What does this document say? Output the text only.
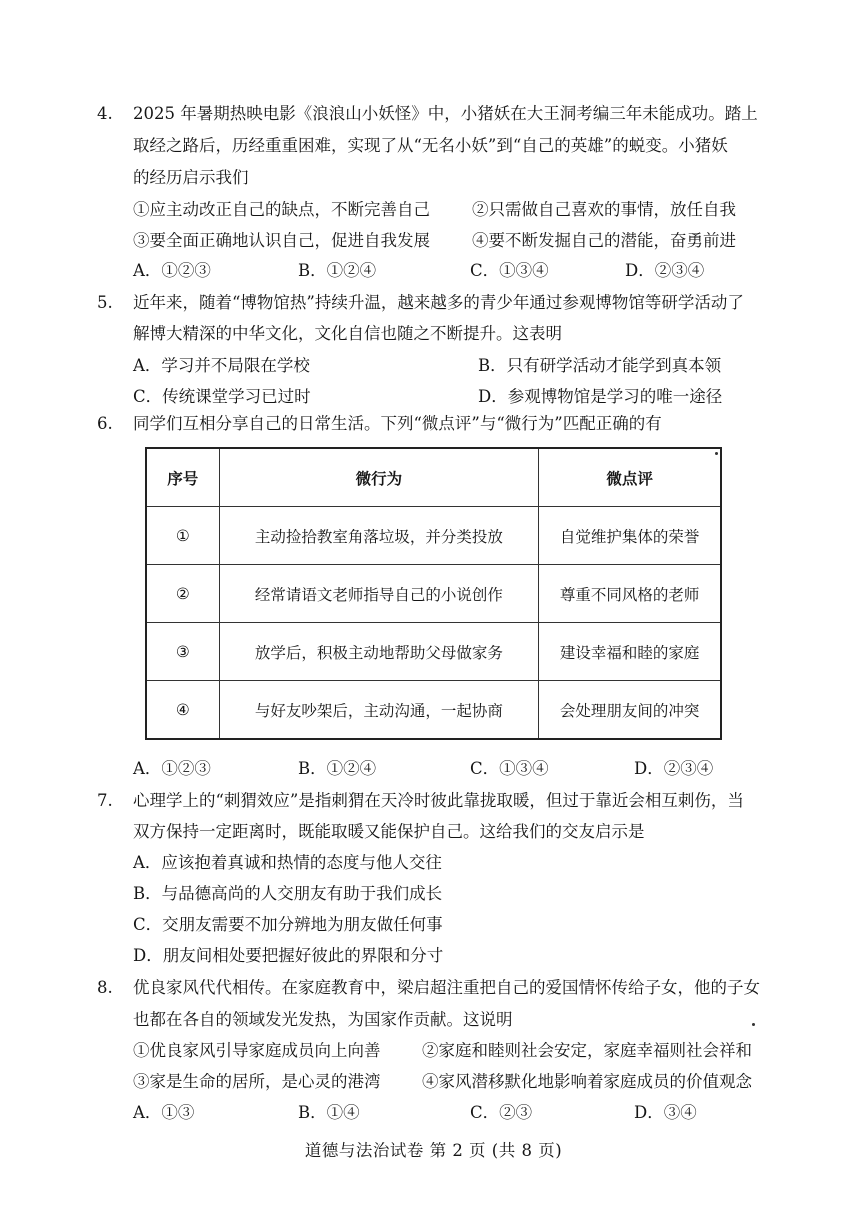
4. 2025 年暑期热映电影《浪浪山小妖怪》中，小猪妖在大王洞考编三年未能成功。踏上
取经之路后，历经重重困难，实现了从“无名小妖”到“自己的英雄”的蜕变。小猪妖
的经历启示我们
①应主动改正自己的缺点，不断完善自己	②只需做自己喜欢的事情，放任自我
③要全面正确地认识自己，促进自我发展	④要不断发掘自己的潜能，奋勇前进
A．①②③	B．①②④	C．①③④	D．②③④
5. 近年来，随着“博物馆热”持续升温，越来越多的青少年通过参观博物馆等研学活动了
解博大精深的中华文化，文化自信也随之不断提升。这表明
A．学习并不局限在学校	B．只有研学活动才能学到真本领
C．传统课堂学习已过时	D．参观博物馆是学习的唯一途径
6. 同学们互相分享自己的日常生活。下列“微点评”与“微行为”匹配正确的有
序号	微行为	微点评
①	主动捡拾教室角落垃圾，并分类投放	自觉维护集体的荣誉
②	经常请语文老师指导自己的小说创作	尊重不同风格的老师
③	放学后，积极主动地帮助父母做家务	建设幸福和睦的家庭
④	与好友吵架后，主动沟通，一起协商	会处理朋友间的冲突
A．①②③	B．①②④	C．①③④	D．②③④
7. 心理学上的“刺猬效应”是指刺猬在天冷时彼此靠拢取暖，但过于靠近会相互刺伤，当
双方保持一定距离时，既能取暖又能保护自己。这给我们的交友启示是
A．应该抱着真诚和热情的态度与他人交往
B．与品德高尚的人交朋友有助于我们成长
C．交朋友需要不加分辨地为朋友做任何事
D．朋友间相处要把握好彼此的界限和分寸
8. 优良家风代代相传。在家庭教育中，梁启超注重把自己的爱国情怀传给子女，他的子女
也都在各自的领域发光发热，为国家作贡献。这说明
①优良家风引导家庭成员向上向善	②家庭和睦则社会安定，家庭幸福则社会祥和
③家是生命的居所，是心灵的港湾	④家风潜移默化地影响着家庭成员的价值观念
A．①③	B．①④	C．②③	D．③④
道德与法治试卷 第 2 页 (共 8 页)
